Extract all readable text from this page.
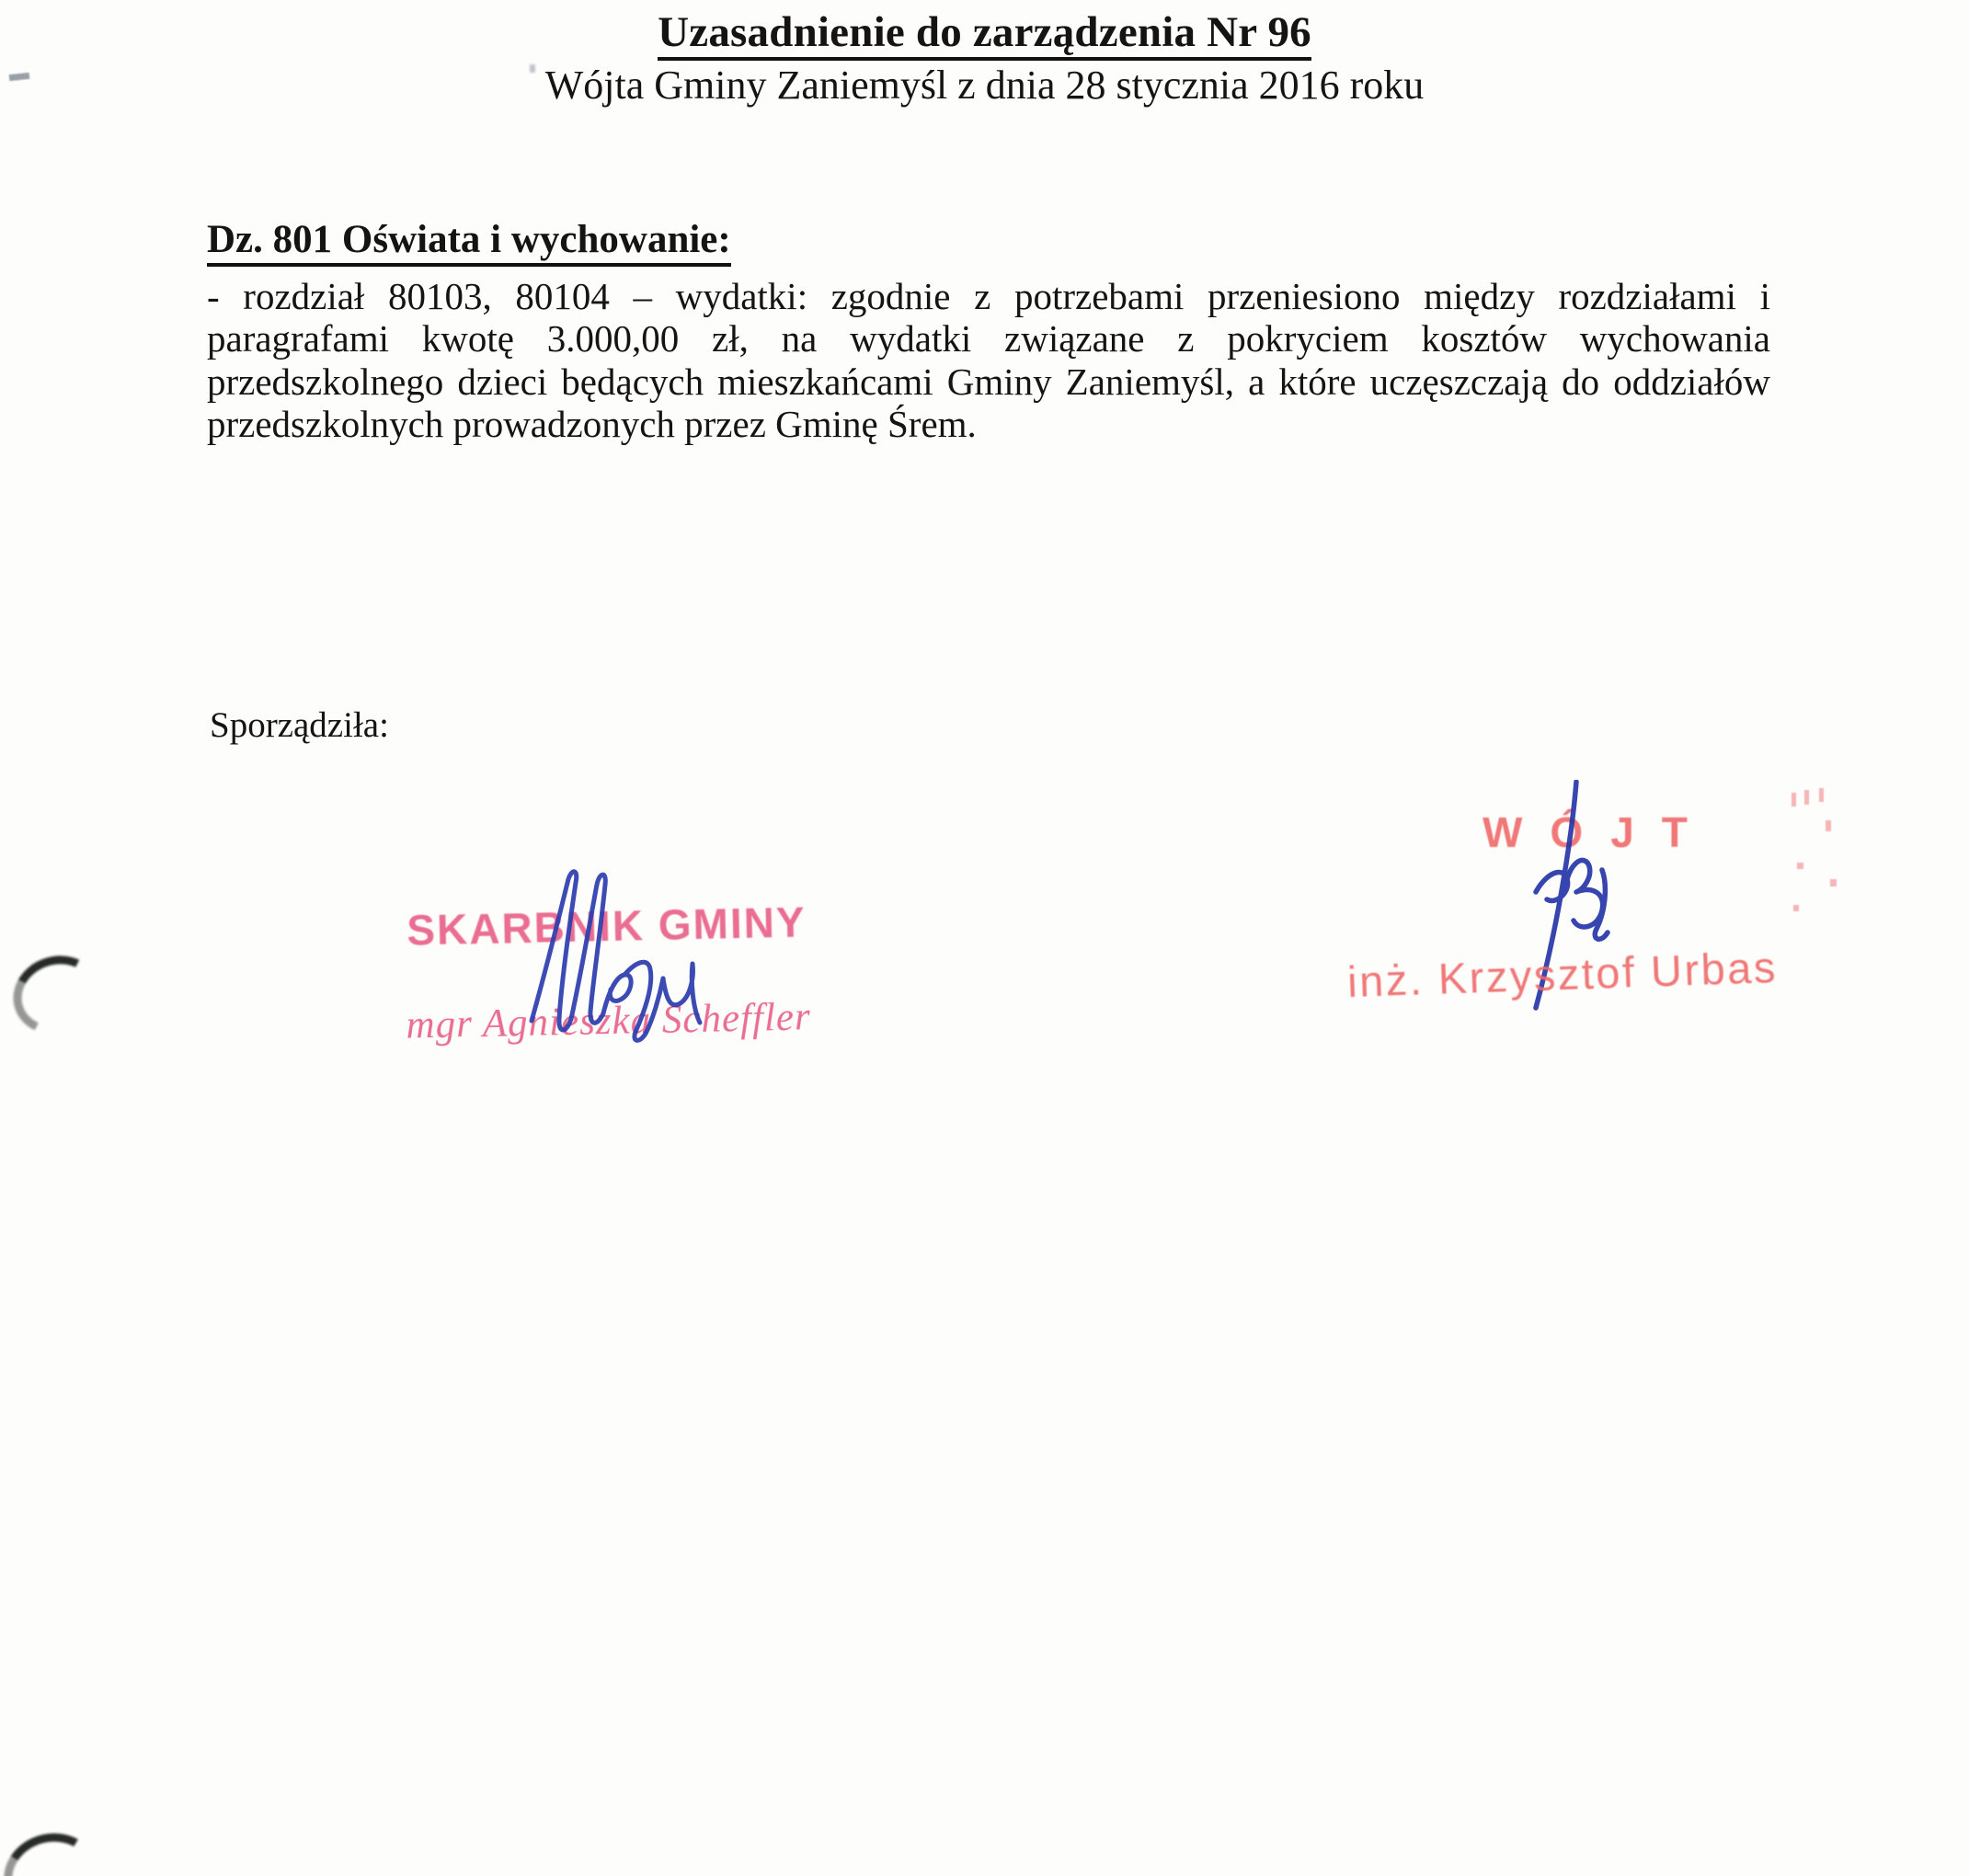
Uzasadnienie do zarządzenia Nr 96
Wójta Gminy Zaniemyśl z dnia 28 stycznia 2016 roku
Dz. 801 Oświata i wychowanie:

- rozdział 80103, 80104 – wydatki: zgodnie z potrzebami przeniesiono między rozdziałami i paragrafami kwotę 3.000,00 zł, na wydatki związane z pokryciem kosztów wychowania przedszkolnego dzieci będących mieszkańcami Gminy Zaniemyśl, a które uczęszczają do oddziałów przedszkolnych prowadzonych przez Gminę Śrem.

Sporządziła:
SKARBNIK GMINY
mgr Agnieszka Scheffler
WÓJT
inż. Krzysztof Urbas
